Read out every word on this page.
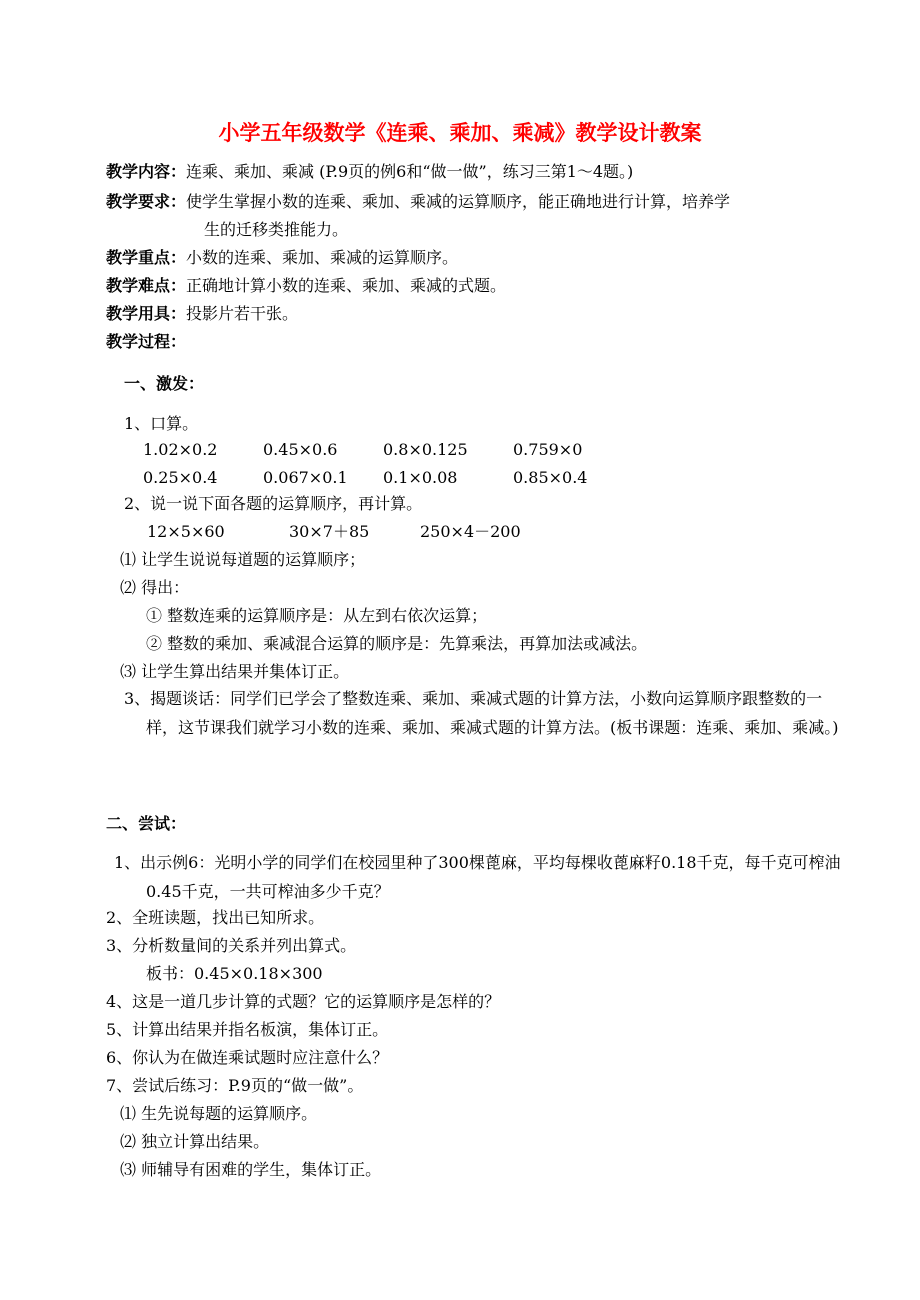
小学五年级数学《连乘、乘加、乘减》教学设计教案
教学内容：连乘、乘加、乘减 (P.9页的例6和“做一做”，练习三第1～4题。)
教学要求：使学生掌握小数的连乘、乘加、乘减的运算顺序，能正确地进行计算，培养学
生的迁移类推能力。
教学重点：小数的连乘、乘加、乘减的运算顺序。
教学难点：正确地计算小数的连乘、乘加、乘减的式题。
教学用具：投影片若干张。
教学过程：
一、激发：
1、口算。
1.02×0.2	0.45×0.6	0.8×0.125	0.759×0
0.25×0.4	0.067×0.1 0.1×0.08	0.85×0.4
2、说一说下面各题的运算顺序，再计算。
12×5×60	30×7＋85	250×4－200
⑴ 让学生说说每道题的运算顺序；
⑵ 得出：
① 整数连乘的运算顺序是：从左到右依次运算；
② 整数的乘加、乘减混合运算的顺序是：先算乘法，再算加法或减法。
⑶ 让学生算出结果并集体订正。
3、揭题谈话：同学们已学会了整数连乘、乘加、乘减式题的计算方法，小数向运算顺序跟整数的一样，这节课我们就学习小数的连乘、乘加、乘减式题的计算方法。(板书课题：连乘、乘加、乘减。)
二、尝试：
1、出示例6：光明小学的同学们在校园里种了300棵蓖麻，平均每棵收蓖麻籽0.18千克，每千克可榨油0.45千克，一共可榨油多少千克？
2、全班读题，找出已知所求。
3、分析数量间的关系并列出算式。
板书：0.45×0.18×300
4、这是一道几步计算的式题？它的运算顺序是怎样的？
5、计算出结果并指名板演，集体订正。
6、你认为在做连乘试题时应注意什么？
7、尝试后练习：P.9页的“做一做”。
⑴ 生先说每题的运算顺序。
⑵ 独立计算出结果。
⑶ 师辅导有困难的学生，集体订正。
